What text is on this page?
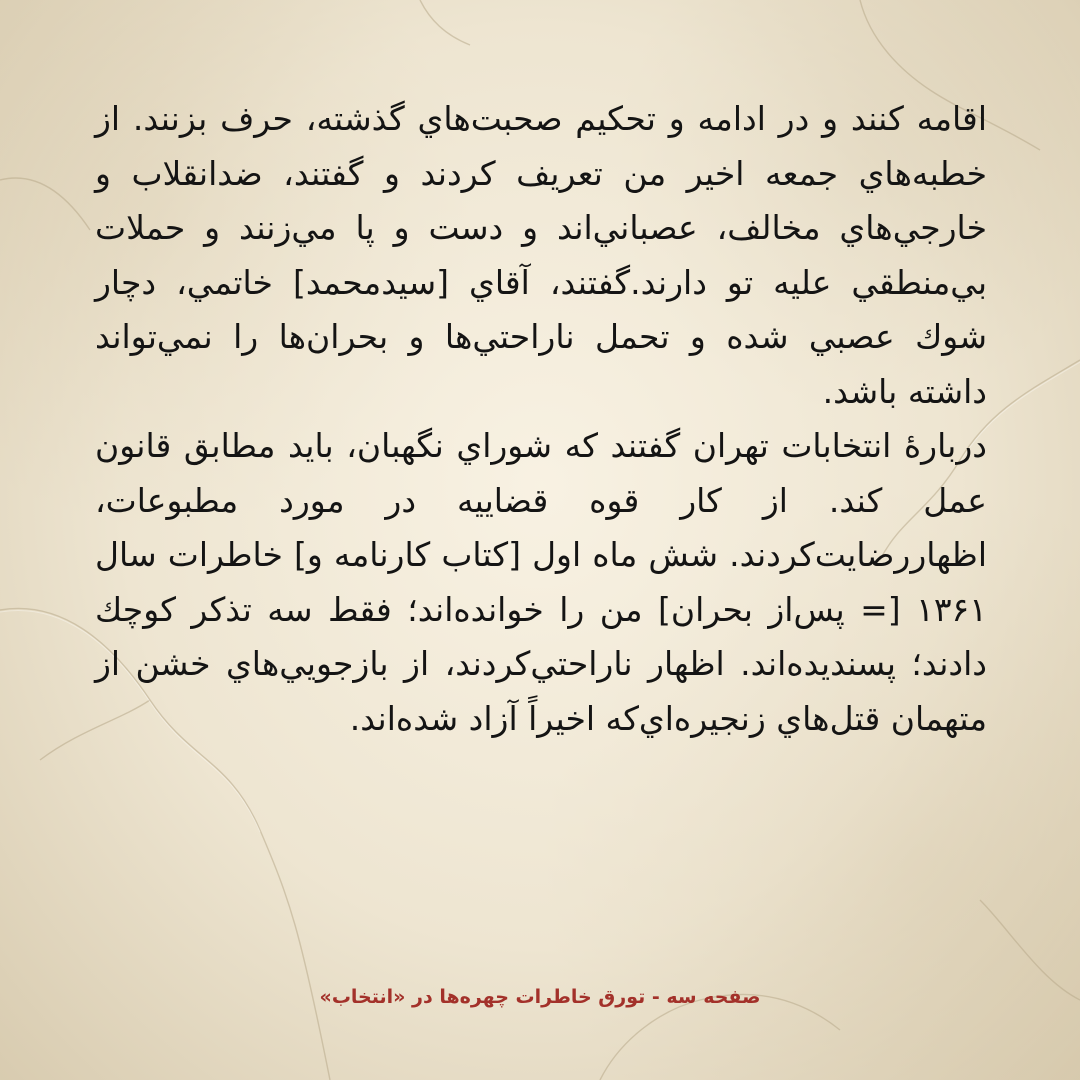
اقامه كنند و در ادامه و تحكيم صحبت‌هاي گذشته، حرف بزنند. از خطبه‌هاي جمعه اخير من تعريف كردند و گفتند، ضدانقلاب و خارجي‌هاي مخالف، عصباني‌اند و دست و پا مي‌زنند و حملات بي‌منطقي عليه تو دارند.گفتند، آقاي [سيدمحمد] خاتمي، دچار شوك عصبي شده و تحمل ناراحتي‌ها و بحران‌ها را نمي‌تواند داشته باشد.

دربارهٔ انتخابات تهران گفتند كه شوراي نگهبان، بايد مطابق قانون عمل كند. از كار قوه قضاييه در مورد مطبوعات، اظهاررضايت‌كردند. شش ماه اول [كتاب كارنامه و] خاطرات سال ۱۳۶۱ [= پس‌از بحران] من را خوانده‌اند؛ فقط سه تذكر كوچك دادند؛ پسنديده‌اند. اظهار ناراحتي‌كردند، از بازجويي‌هاي خشن از متهمان قتل‌هاي زنجيره‌اي‌كه اخيراً آزاد شده‌اند.

صفحه سه - تورق خاطرات چهره‌ها در «انتخاب»
